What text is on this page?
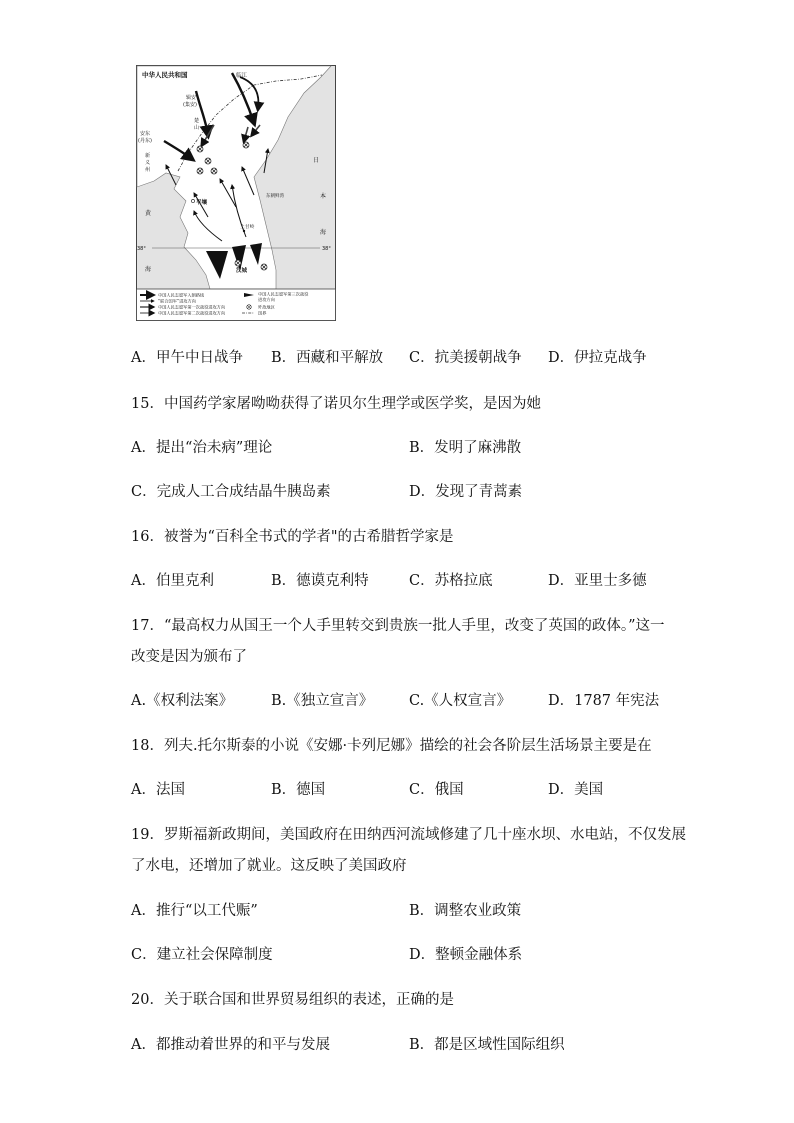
中华人民共和国	临江
辑安
(集安)
楚
山
安东
(丹东)
新
义
州
日
本
海
东朝鲜湾
黄
海
平壤
上甘岭
38°	38°
汉城
中国人民志愿军入朝路线
“联合国军”进攻方向
中国人民志愿军第一次战役进攻方向
中国人民志愿军第二次战役进攻方向
中国人民志愿军第三次战役
进攻方向
歼敌地区
国界
A．甲午中日战争 B．西藏和平解放 C．抗美援朝战争 D．伊拉克战争
15．中国药学家屠呦呦获得了诺贝尔生理学或医学奖，是因为她
A．提出“治未病”理论	B．发明了麻沸散
C．完成人工合成结晶牛胰岛素	D．发现了青蒿素
16．被誉为“百科全书式的学者"的古希腊哲学家是
A．伯里克利	B．德谟克利特	C．苏格拉底	D．亚里士多德
17．“最高权力从国王一个人手里转交到贵族一批人手里，改变了英国的政体。”这一
改变是因为颁布了
A.《权利法案》	B.《独立宣言》 C.《人权宣言》	D．1787 年宪法
18．列夫.托尔斯泰的小说《安娜·卡列尼娜》描绘的社会各阶层生活场景主要是在
A．法国	B．德国	C．俄国	D．美国
19．罗斯福新政期间，美国政府在田纳西河流域修建了几十座水坝、水电站，不仅发展
了水电，还增加了就业。这反映了美国政府
A．推行“以工代赈”	B．调整农业政策
C．建立社会保障制度	D．整顿金融体系
20．关于联合国和世界贸易组织的表述，正确的是
A．都推动着世界的和平与发展	B．都是区域性国际组织
